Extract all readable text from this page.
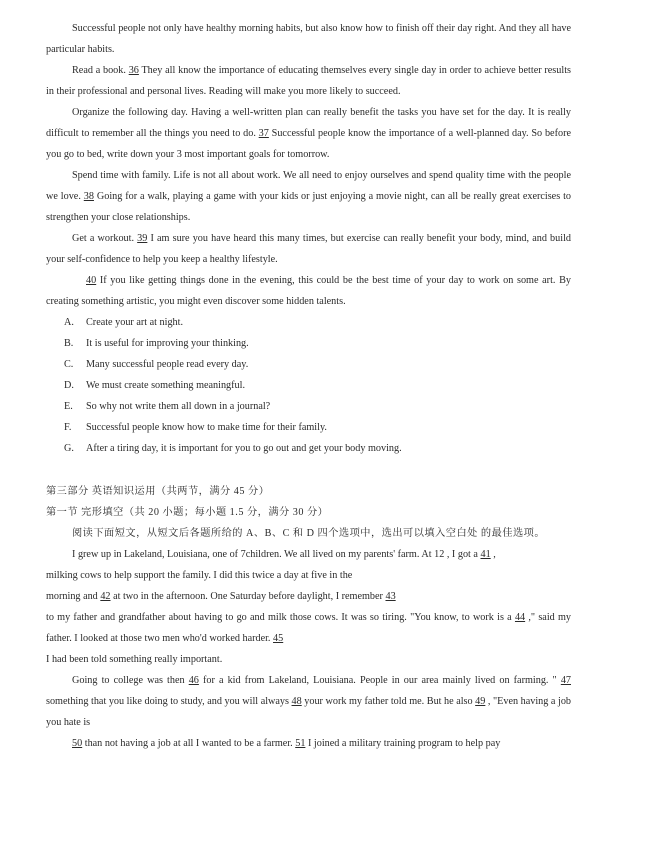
Successful people not only have healthy morning habits, but also know how to finish off their day right. And they all have particular habits.

Read a book. 36 They all know the importance of educating themselves every single day in order to achieve better results in their professional and personal lives. Reading will make you more likely to succeed.

Organize the following day. Having a well-written plan can really benefit the tasks you have set for the day. It is really difficult to remember all the things you need to do. 37 Successful people know the importance of a well-planned day. So before you go to bed, write down your 3 most important goals for tomorrow.

Spend time with family. Life is not all about work. We all need to enjoy ourselves and spend quality time with the people we love. 38 Going for a walk, playing a game with your kids or just enjoying a movie night, can all be really great exercises to strengthen your close relationships.

Get a workout. 39 I am sure you have heard this many times, but exercise can really benefit your body, mind, and build your self-confidence to help you keep a healthy lifestyle.

40 If you like getting things done in the evening, this could be the best time of your day to work on some art. By creating something artistic, you might even discover some hidden talents.

A. Create your art at night.

B. It is useful for improving your thinking.

C. Many successful people read every day.

D. We must create something meaningful.

E. So why not write them all down in a journal?

F. Successful people know how to make time for their family.

G. After a tiring day, it is important for you to go out and get your body moving.

第三部分 英语知识运用（共两节，满分 45 分）

第一节 完形填空（共 20 小题；每小题 1.5 分，满分 30 分）

阅读下面短文，从短文后各题所给的 A、B、C 和 D 四个选项中，选出可以填入空白处 的最佳选项。

I grew up in Lakeland, Louisiana, one of 7children. We all lived on my parents' farm. At 12 , I got a 41 ,

milking cows to help support the family. I did this twice a day at five in the

morning and 42 at two in the afternoon. One Saturday before daylight, I remember 43

to my father and grandfather about having to go and milk those cows. It was so tiring. "You know, to work is a 44 ," said my father. I looked at those two men who'd worked harder. 45

I had been told something really important.

Going to college was then 46 for a kid from Lakeland, Louisiana. People in our area mainly lived on farming. " 47 something that you like doing to study, and you will always 48 your work my father told me. But he also 49 , "Even having a job you hate is

50 than not having a job at all I wanted to be a farmer. 51 I joined a military training program to help pay
